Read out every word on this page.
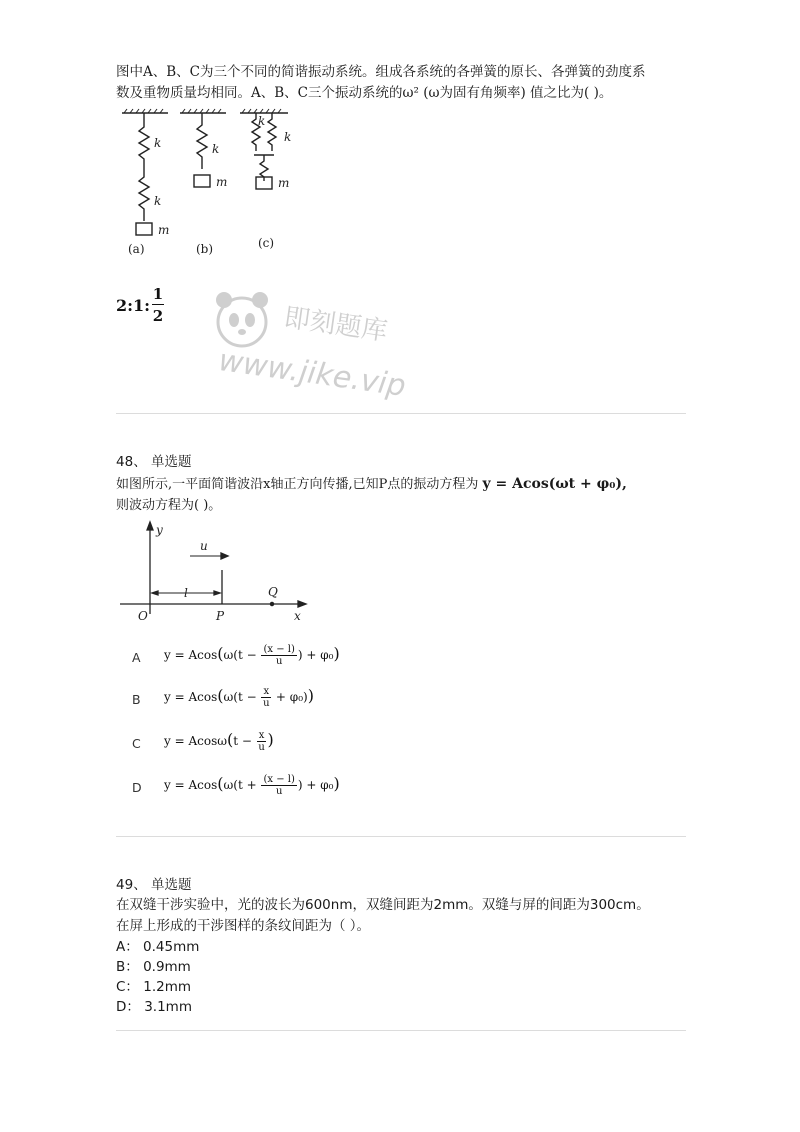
图中A、B、C为三个不同的简谐振动系统。组成各系统的各弹簧的原长、各弹簧的劲度系

数及重物质量均相同。A、B、C三个振动系统的ω² (ω为固有角频率) 值之比为( )。

k
k
m
k
m
k
k
m
(a)	(b)	(c)
2:1: $\frac{1}{2}$	即刻题库
www.jike.vip
48、 单选题

如图所示,一平面简谐波沿x轴正方向传播,已知P点的振动方程为 y = Acos(ωt + φ₀),

则波动方程为( )。

y
u
l	Q
O	P	x
A $y = Acos(\omega(t - \frac{(x - l)}{u}$ ) + φ₀)
B $y = Acos(\omega(t - \frac{x}{u} + \varphi_0))$
C $y = Acos\omega(t - \frac{x}{u}$ )
D $y = Acos(\omega(t + \frac{(x - l)}{u}$ ) + φ₀)
49、 单选题

在双缝干涉实验中，光的波长为600nm，双缝间距为2mm。双缝与屏的间距为300cm。

在屏上形成的干涉图样的条纹间距为（ ）。

A： 0.45mm
B： 0.9mm
C： 1.2mm
D： 3.1mm
